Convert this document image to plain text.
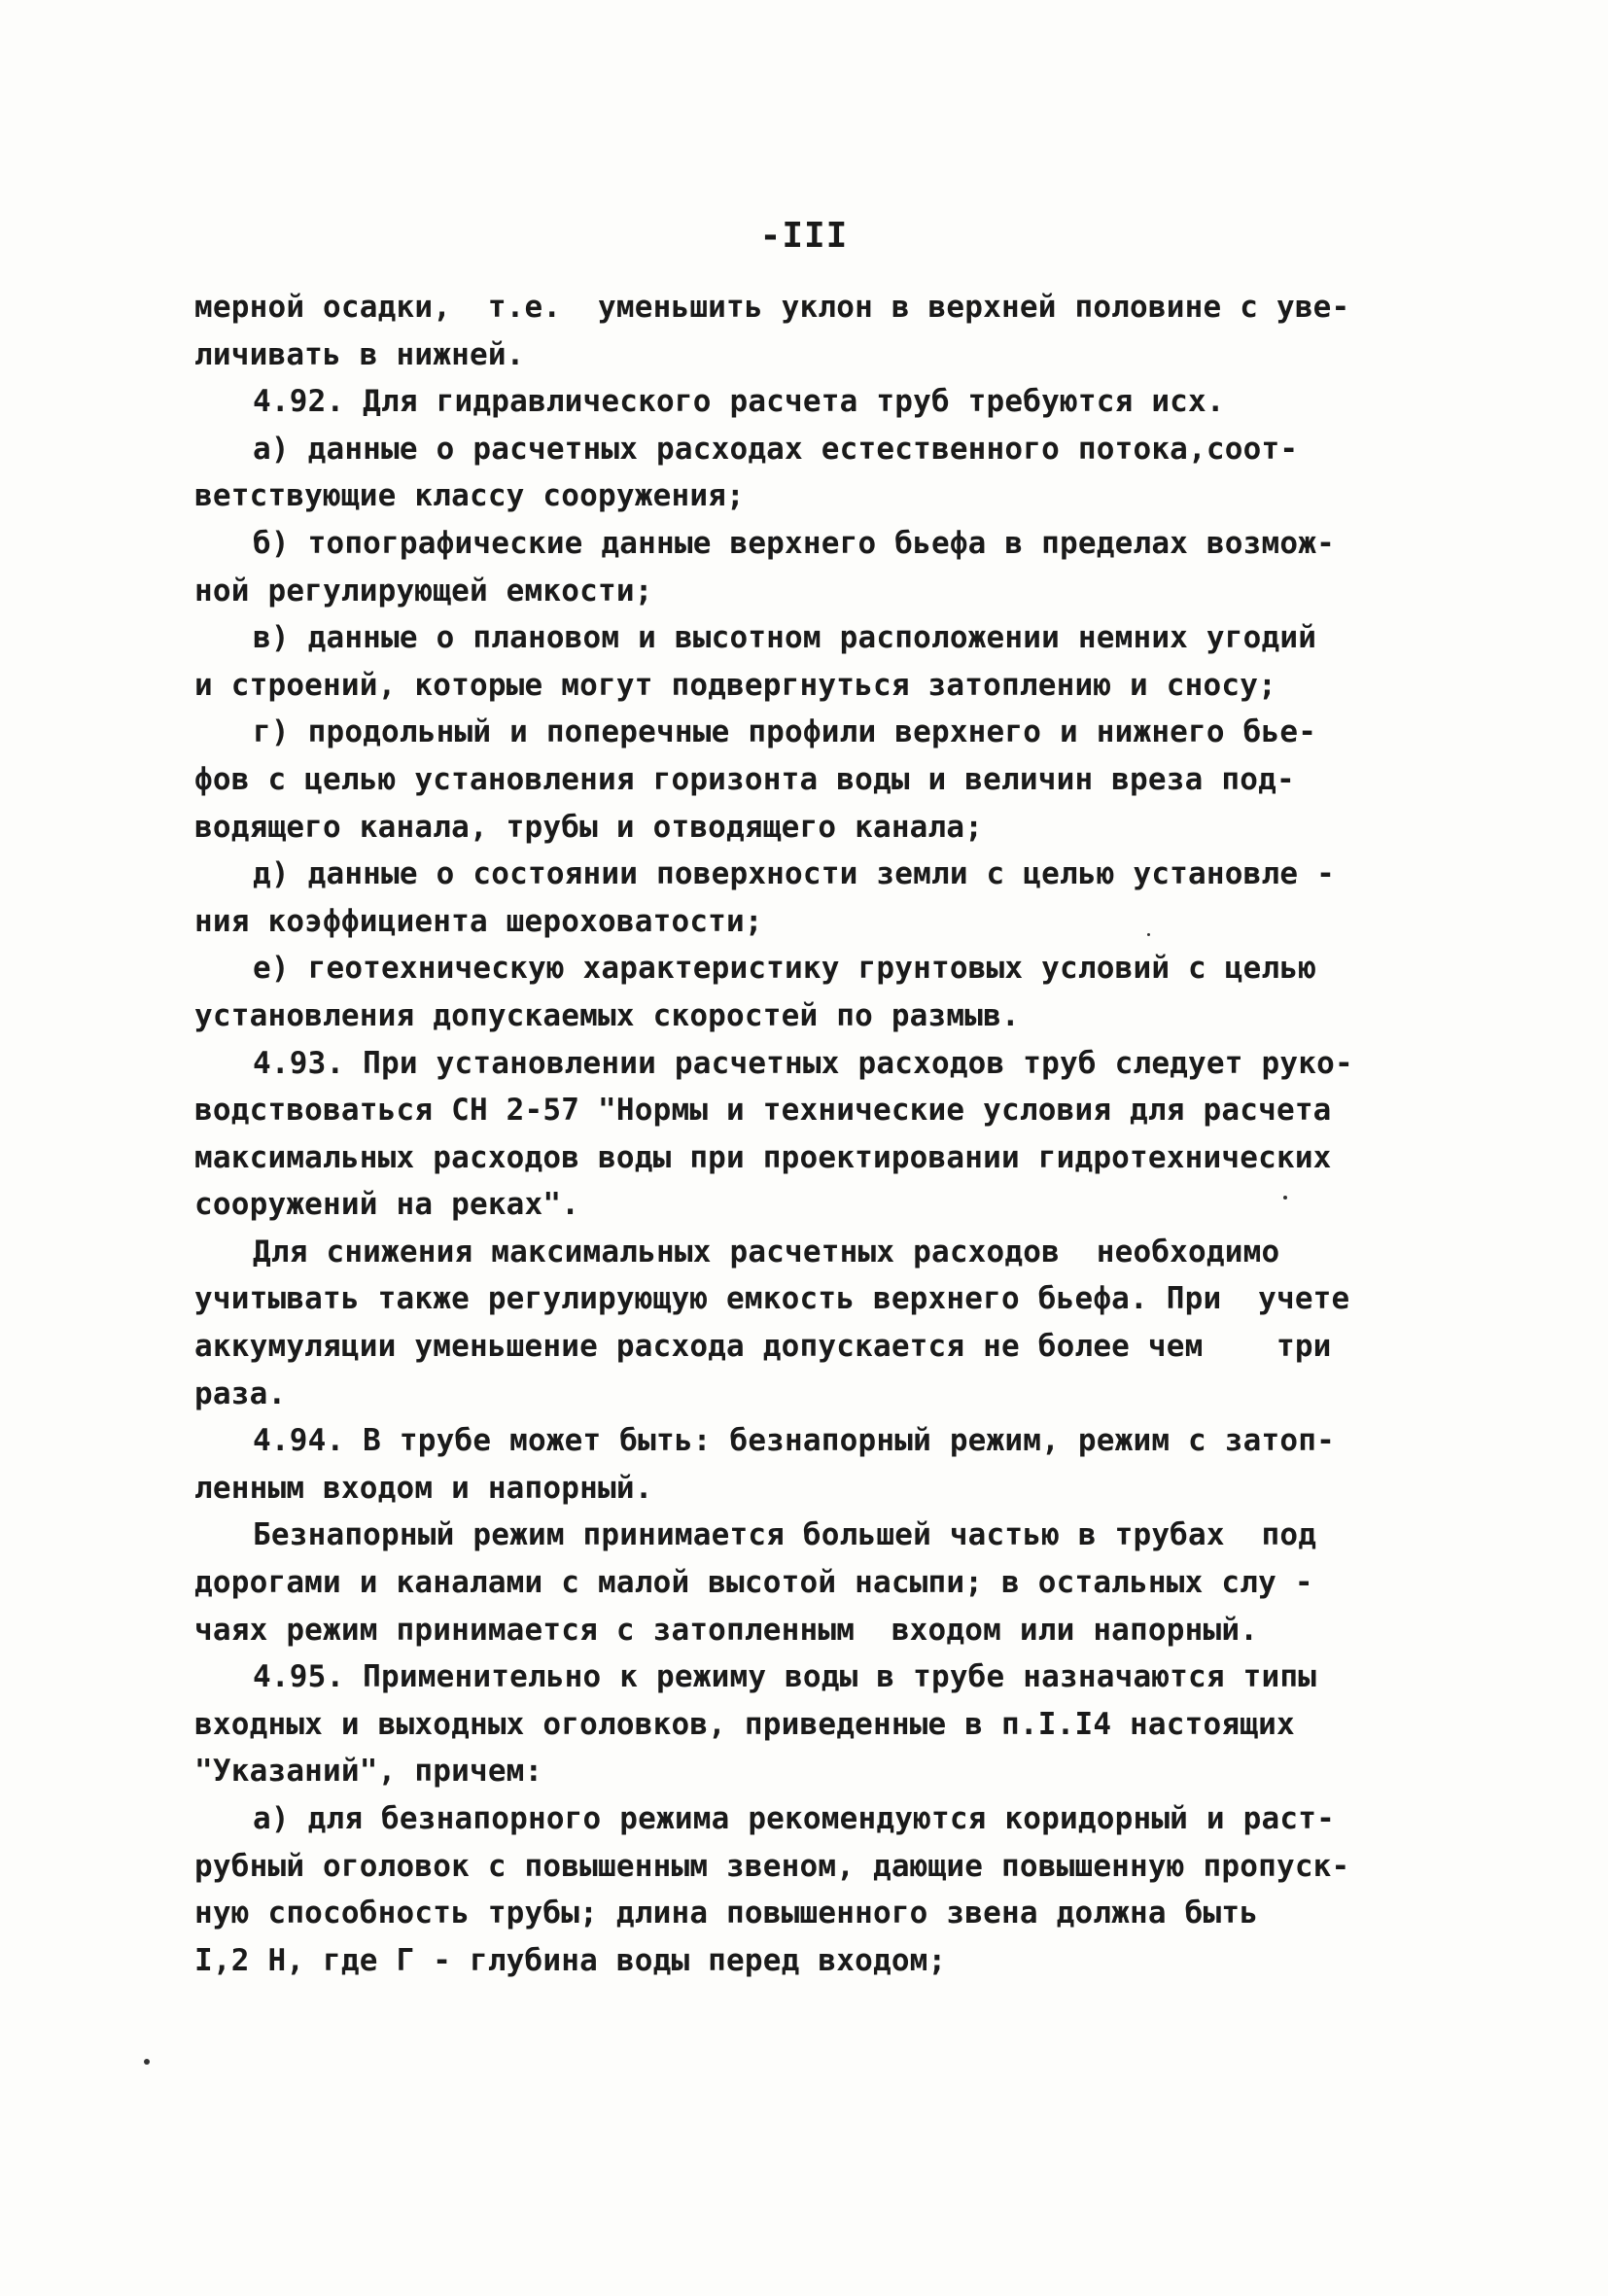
-III
мерной осадки,  т.е.  уменьшить уклон в верхней половине с уве-
личивать в нижней.
4.92. Для гидравлического расчета труб требуются исх.
а) данные о расчетных расходах естественного потока,соот-
ветствующие классу сооружения;
б) топографические данные верхнего бьефа в пределах возмож-
ной регулирующей емкости;
в) данные о плановом и высотном расположении немних угодий
и строений, которые могут подвергнуться затоплению и сносу;
г) продольный и поперечные профили верхнего и нижнего бье-
фов с целью установления горизонта воды и величин вреза под-
водящего канала, трубы и отводящего канала;
д) данные о состоянии поверхности земли с целью установле -
ния коэффициента шероховатости;
е) геотехническую характеристику грунтовых условий с целью
установления допускаемых скоростей по размыв.
4.93. При установлении расчетных расходов труб следует руко-
водствоваться СН 2-57 "Нормы и технические условия для расчета
максимальных расходов воды при проектировании гидротехнических
сооружений на реках".
Для снижения максимальных расчетных расходов  необходимо
учитывать также регулирующую емкость верхнего бьефа. При  учете
аккумуляции уменьшение расхода допускается не более чем    три
раза.
4.94. В трубе может быть: безнапорный режим, режим с затоп-
ленным входом и напорный.
Безнапорный режим принимается большей частью в трубах  под
дорогами и каналами с малой высотой насыпи; в остальных слу -
чаях режим принимается с затопленным  входом или напорный.
4.95. Применительно к режиму воды в трубе назначаются типы
входных и выходных оголовков, приведенные в п.I.I4 настоящих
"Указаний", причем:
а) для безнапорного режима рекомендуются коридорный и раст-
рубный оголовок с повышенным звеном, дающие повышенную пропуск-
ную способность трубы; длина повышенного звена должна быть
I,2 H, где Г - глубина воды перед входом;
